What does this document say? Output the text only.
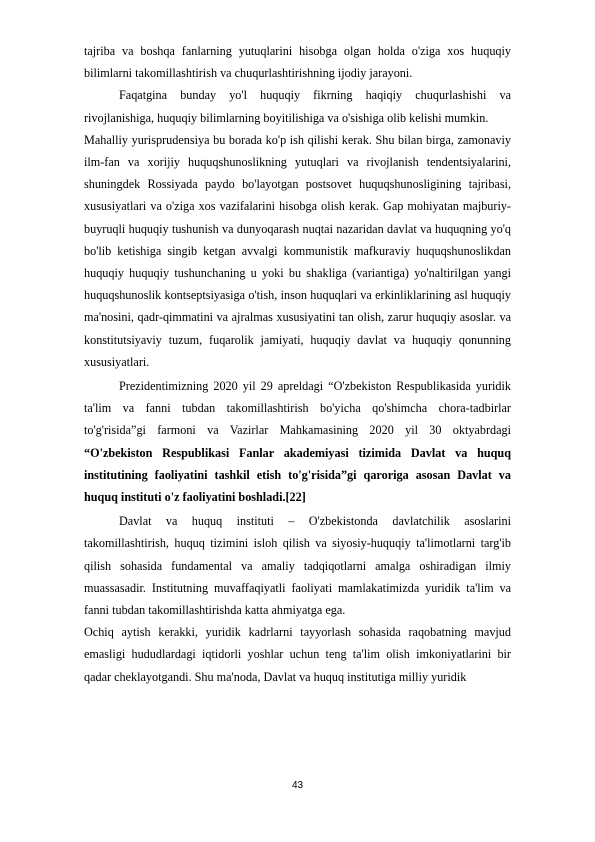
tajriba va boshqa fanlarning yutuqlarini hisobga olgan holda o'ziga xos huquqiy bilimlarni takomillashtirish va chuqurlashtirishning ijodiy jarayoni.

Faqatgina bunday yo'l huquqiy fikrning haqiqiy chuqurlashishi va rivojlanishiga, huquqiy bilimlarning boyitilishiga va o'sishiga olib kelishi mumkin.

Mahalliy yurisprudensiya bu borada ko'p ish qilishi kerak. Shu bilan birga, zamonaviy ilm-fan va xorijiy huquqshunoslikning yutuqlari va rivojlanish tendentsiyalarini, shuningdek Rossiyada paydo bo'layotgan postsovet huquqshunosligining tajribasi, xususiyatlari va o'ziga xos vazifalarini hisobga olish kerak. Gap mohiyatan majburiy-buyruqli huquqiy tushunish va dunyoqarash nuqtai nazaridan davlat va huquqning yo'q bo'lib ketishiga singib ketgan avvalgi kommunistik mafkuraviy huquqshunoslikdan huquqiy huquqiy tushunchaning u yoki bu shakliga (variantiga) yo'naltirilgan yangi huquqshunoslik kontseptsiyasiga o'tish, inson huquqlari va erkinliklarining asl huquqiy ma'nosini, qadr-qimmatini va ajralmas xususiyatini tan olish, zarur huquqiy asoslar. va konstitutsiyaviy tuzum, fuqarolik jamiyati, huquqiy davlat va huquqiy qonunning xususiyatlari.

Prezidentimizning 2020 yil 29 apreldagi “O'zbekiston Respublikasida yuridik ta'lim va fanni tubdan takomillashtirish bo'yicha qo'shimcha chora-tadbirlar to'g'risida”gi farmoni va Vazirlar Mahkamasining 2020 yil 30 oktyabrdagi “O'zbekiston Respublikasi Fanlar akademiyasi tizimida Davlat va huquq institutining faoliyatini tashkil etish to'g'risida”gi qaroriga asosan Davlat va huquq instituti o'z faoliyatini boshladi.[22]

Davlat va huquq instituti – O'zbekistonda davlatchilik asoslarini takomillashtirish, huquq tizimini isloh qilish va siyosiy-huquqiy ta'limotlarni targ'ib qilish sohasida fundamental va amaliy tadqiqotlarni amalga oshiradigan ilmiy muassasadir. Institutning muvaffaqiyatli faoliyati mamlakatimizda yuridik ta'lim va fanni tubdan takomillashtirishda katta ahmiyatga ega.

Ochiq aytish kerakki, yuridik kadrlarni tayyorlash sohasida raqobatning mavjud emasligi hududlardagi iqtidorli yoshlar uchun teng ta'lim olish imkoniyatlarini bir qadar cheklayotgandi. Shu ma'noda, Davlat va huquq institutiga milliy yuridik

43
